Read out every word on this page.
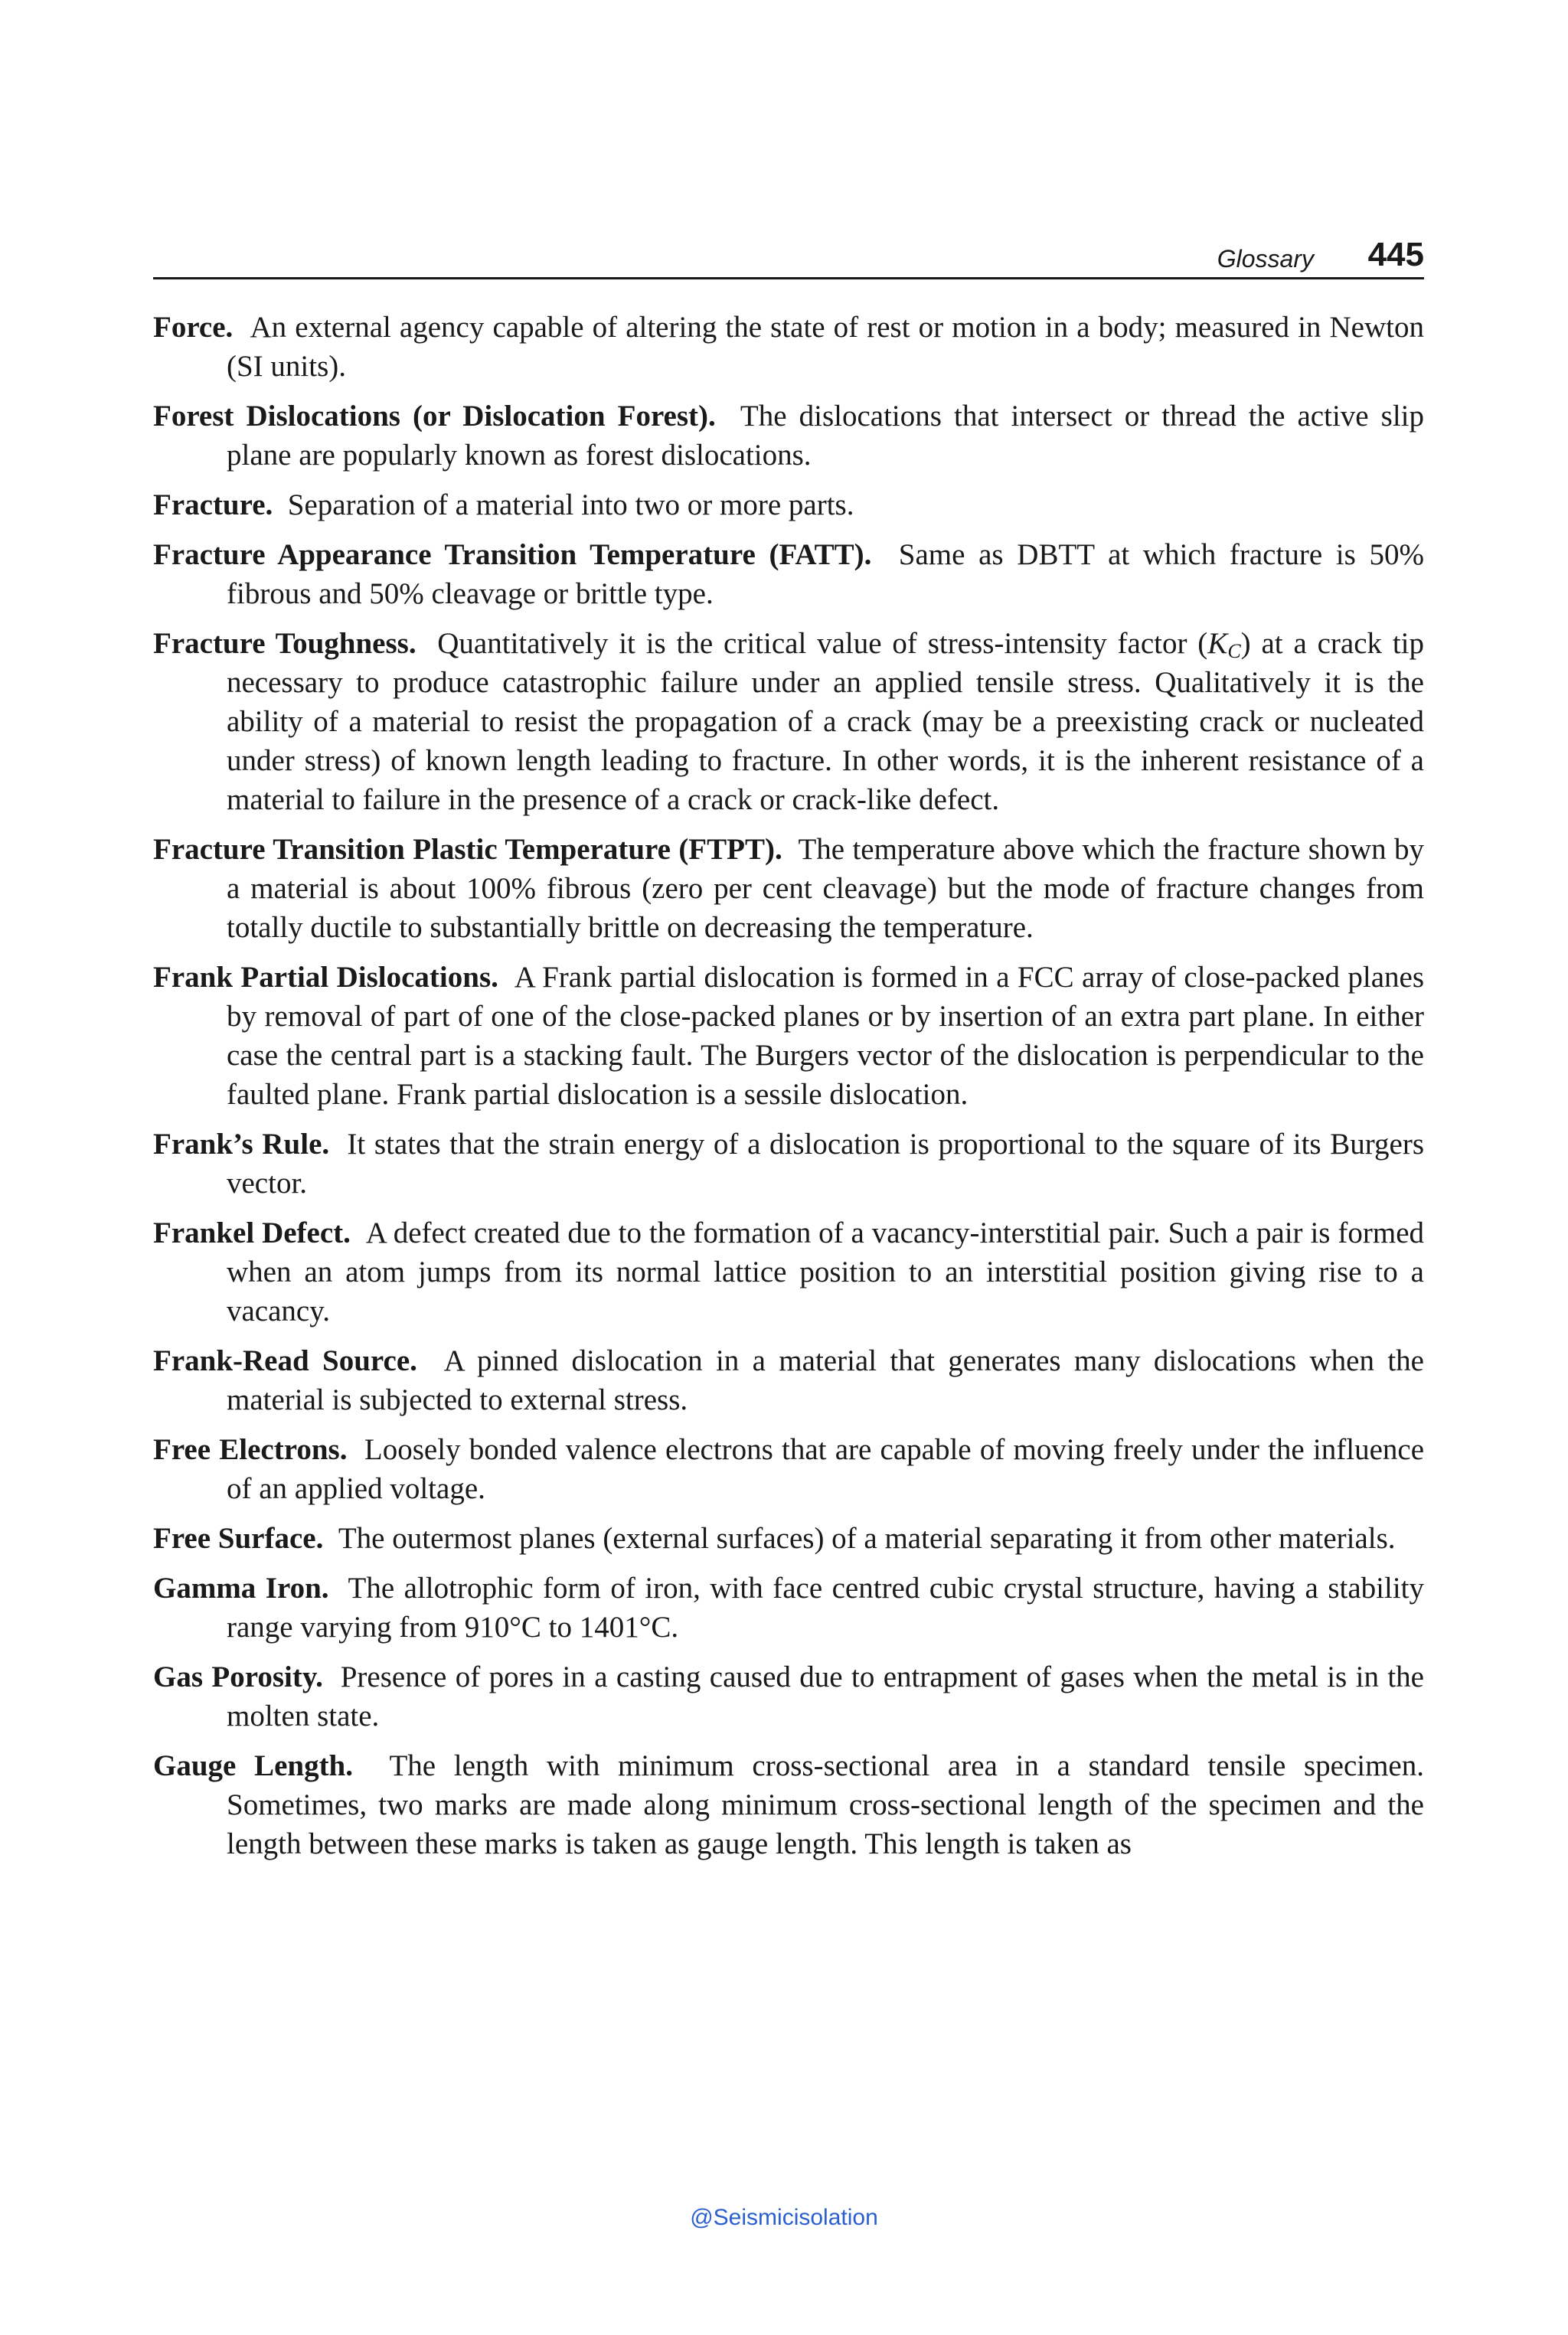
Glossary 445

Force. An external agency capable of altering the state of rest or motion in a body; measured in Newton (SI units).

Forest Dislocations (or Dislocation Forest). The dislocations that intersect or thread the active slip plane are popularly known as forest dislocations.

Fracture. Separation of a material into two or more parts.

Fracture Appearance Transition Temperature (FATT). Same as DBTT at which fracture is 50% fibrous and 50% cleavage or brittle type.

Fracture Toughness. Quantitatively it is the critical value of stress-intensity factor $(K_C)$ at a crack tip necessary to produce catastrophic failure under an applied tensile stress. Qualitatively it is the ability of a material to resist the propagation of a crack (may be a preexisting crack or nucleated under stress) of known length leading to fracture. In other words, it is the inherent resistance of a material to failure in the presence of a crack or crack-like defect.

Fracture Transition Plastic Temperature (FTPT). The temperature above which the fracture shown by a material is about 100% fibrous (zero per cent cleavage) but the mode of fracture changes from totally ductile to substantially brittle on decreasing the temperature.

Frank Partial Dislocations. A Frank partial dislocation is formed in a FCC array of close-packed planes by removal of part of one of the close-packed planes or by insertion of an extra part plane. In either case the central part is a stacking fault. The Burgers vector of the dislocation is perpendicular to the faulted plane. Frank partial dislocation is a sessile dislocation.

Frank’s Rule. It states that the strain energy of a dislocation is proportional to the square of its Burgers vector.

Frankel Defect. A defect created due to the formation of a vacancy-interstitial pair. Such a pair is formed when an atom jumps from its normal lattice position to an interstitial position giving rise to a vacancy.

Frank-Read Source. A pinned dislocation in a material that generates many dislocations when the material is subjected to external stress.

Free Electrons. Loosely bonded valence electrons that are capable of moving freely under the influence of an applied voltage.

Free Surface. The outermost planes (external surfaces) of a material separating it from other materials.

Gamma Iron. The allotrophic form of iron, with face centred cubic crystal structure, having a stability range varying from 910°C to 1401°C.

Gas Porosity. Presence of pores in a casting caused due to entrapment of gases when the metal is in the molten state.

Gauge Length. The length with minimum cross-sectional area in a standard tensile specimen. Sometimes, two marks are made along minimum cross-sectional length of the specimen and the length between these marks is taken as gauge length. This length is taken as

@Seismicisolation
